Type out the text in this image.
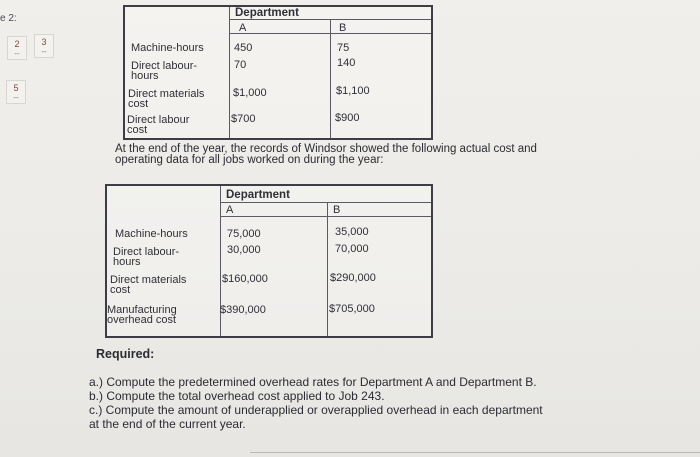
e 2:
2
--
3
--
5
--
Department
A	B
Machine-hours	450	75
Direct labour-
hours
70	140
Direct materials
cost
$1,000	$1,100
Direct labour
cost
$700	$900
At the end of the year, the records of Windsor showed the following actual cost and
operating data for all jobs worked on during the year:
Department
A	B
Machine-hours	75,000	35,000
Direct labour-
hours
30,000	70,000
Direct materials
cost
$160,000	$290,000
Manufacturing
overhead cost
$390,000	$705,000
Required:
a.) Compute the predetermined overhead rates for Department A and Department B.
b.) Compute the total overhead cost applied to Job 243.
c.) Compute the amount of underapplied or overapplied overhead in each department
at the end of the current year.
